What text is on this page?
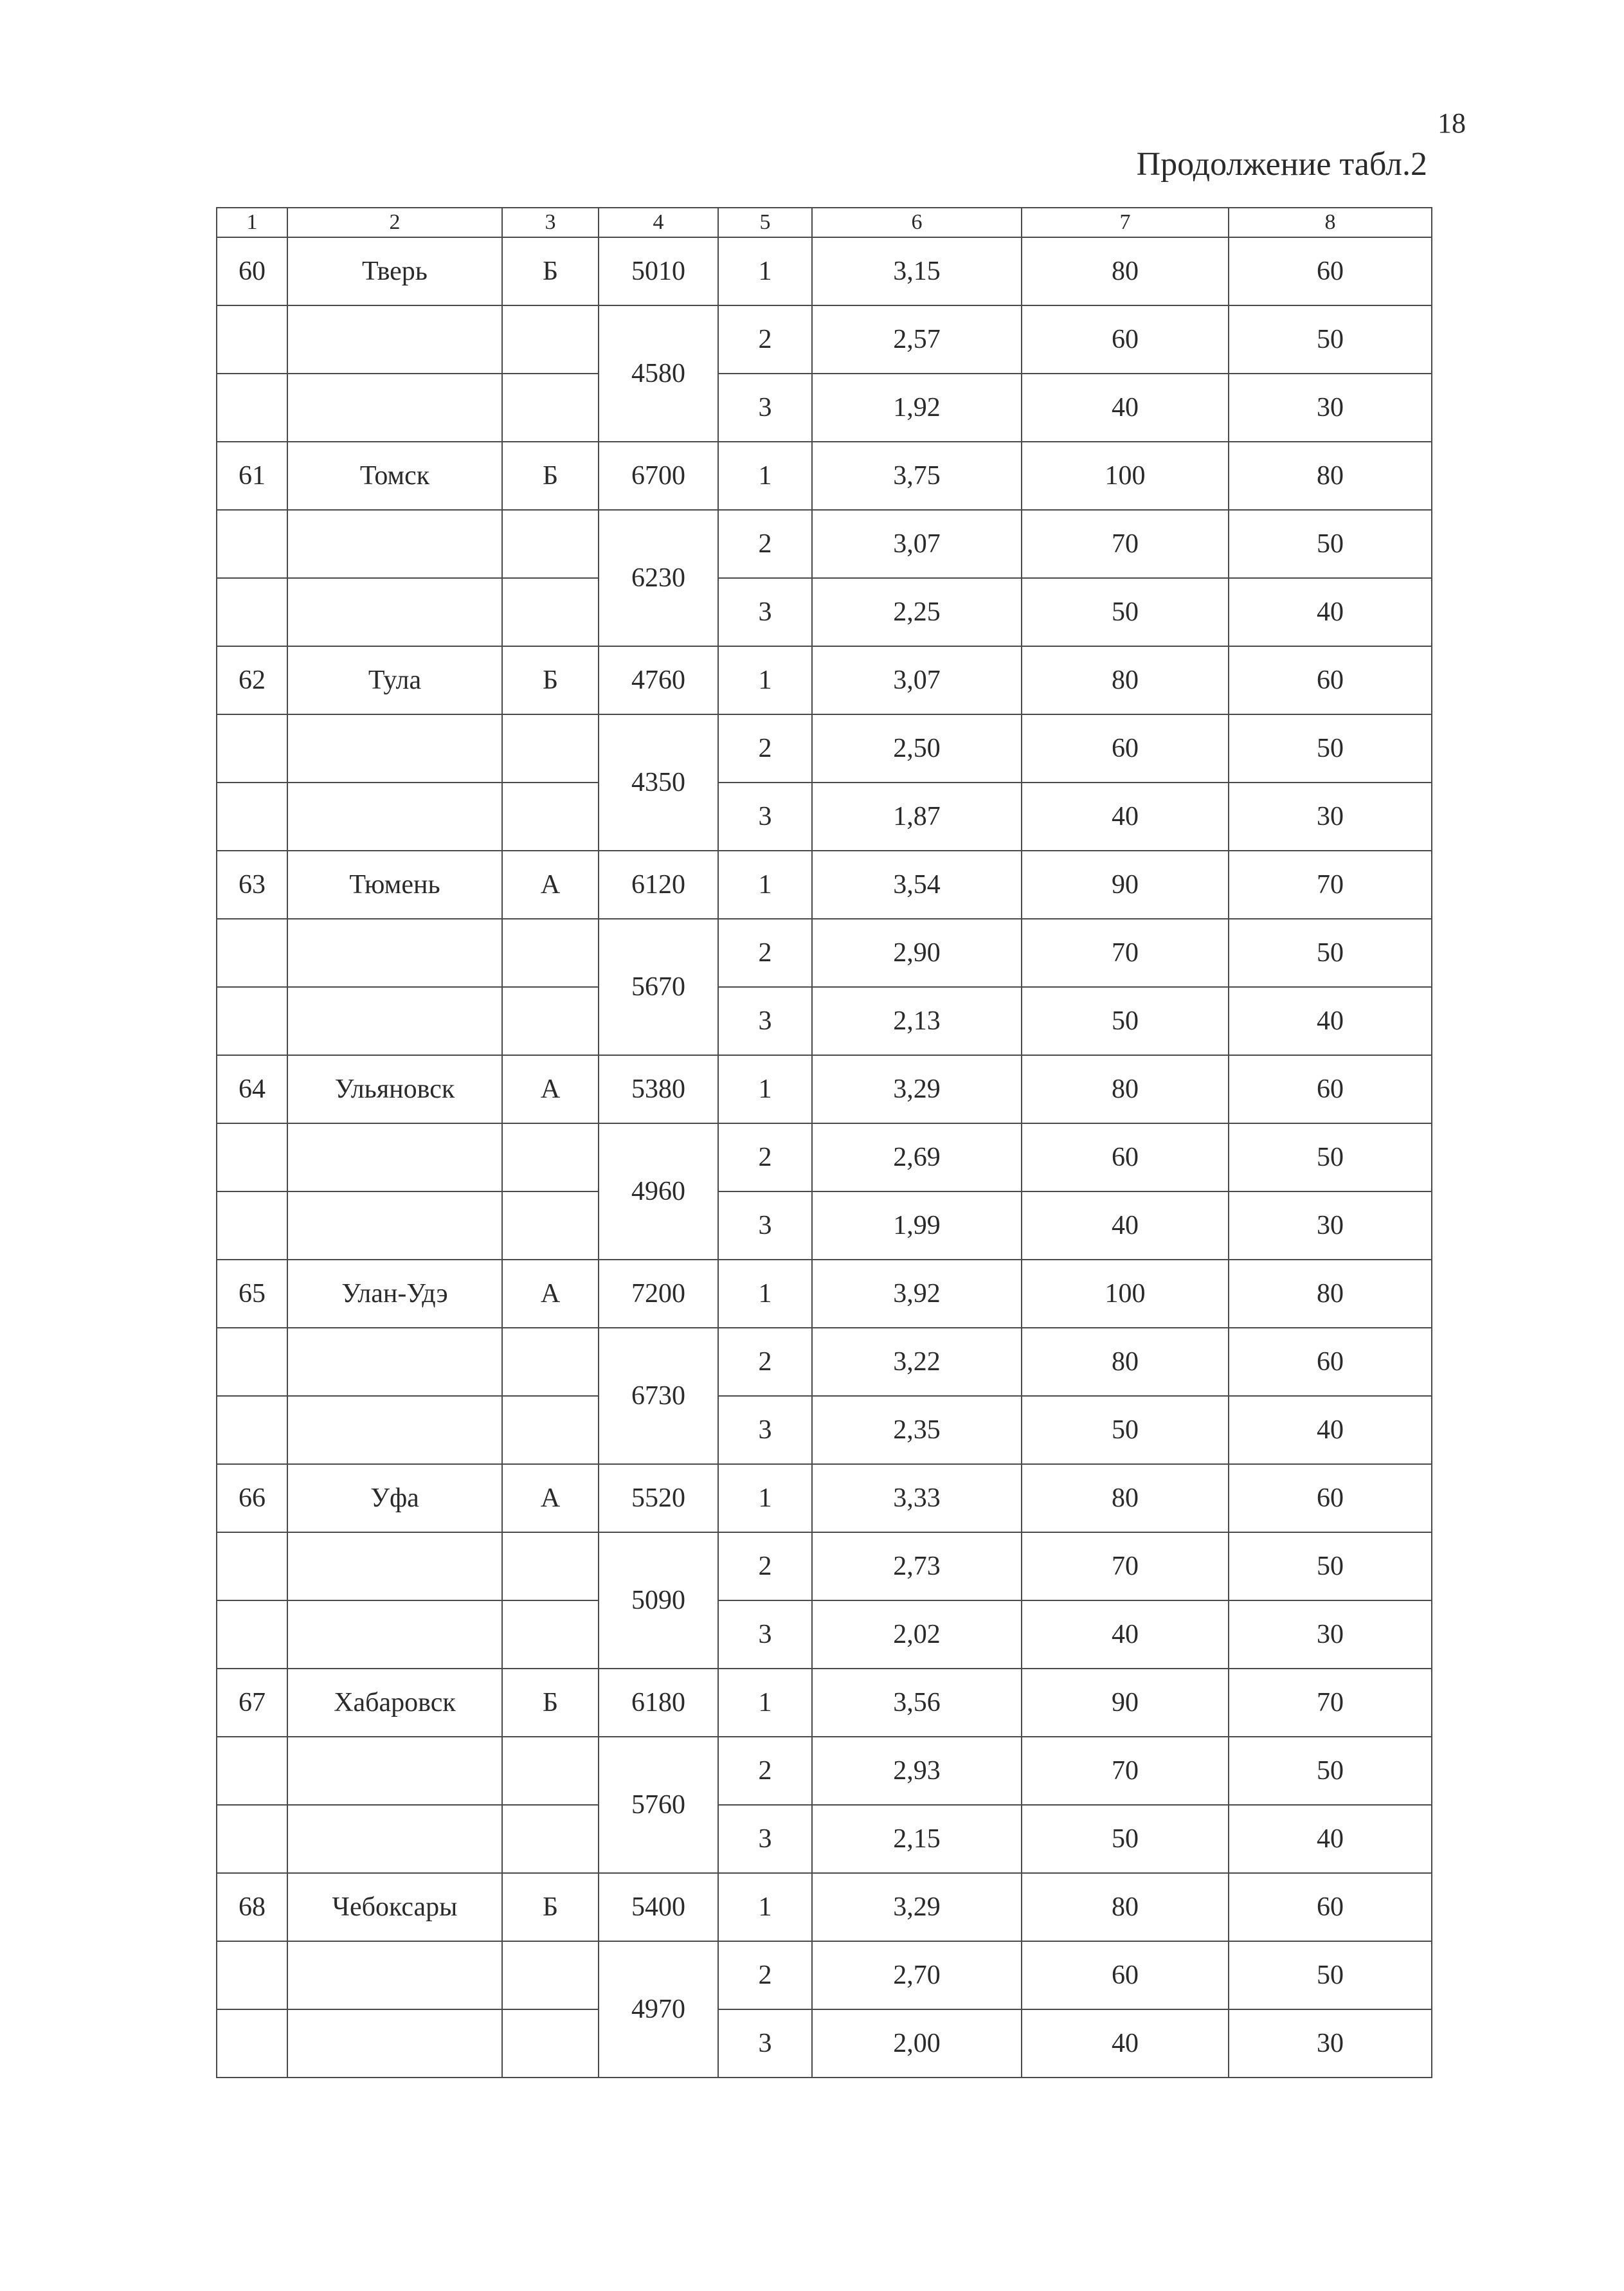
18
Продолжение табл.2
1	2	3	4	5	6	7	8
60	Тверь	Б	5010	1	3,15	80	60
			4580	2	2,57	60	50
				3	1,92	40	30
61	Томск	Б	6700	1	3,75	100	80
			6230	2	3,07	70	50
				3	2,25	50	40
62	Тула	Б	4760	1	3,07	80	60
			4350	2	2,50	60	50
				3	1,87	40	30
63	Тюмень	А	6120	1	3,54	90	70
			5670	2	2,90	70	50
				3	2,13	50	40
64	Ульяновск	А	5380	1	3,29	80	60
			4960	2	2,69	60	50
				3	1,99	40	30
65	Улан-Удэ	А	7200	1	3,92	100	80
			6730	2	3,22	80	60
				3	2,35	50	40
66	Уфа	А	5520	1	3,33	80	60
			5090	2	2,73	70	50
				3	2,02	40	30
67	Хабаровск	Б	6180	1	3,56	90	70
			5760	2	2,93	70	50
				3	2,15	50	40
68	Чебоксары	Б	5400	1	3,29	80	60
			4970	2	2,70	60	50
				3	2,00	40	30
